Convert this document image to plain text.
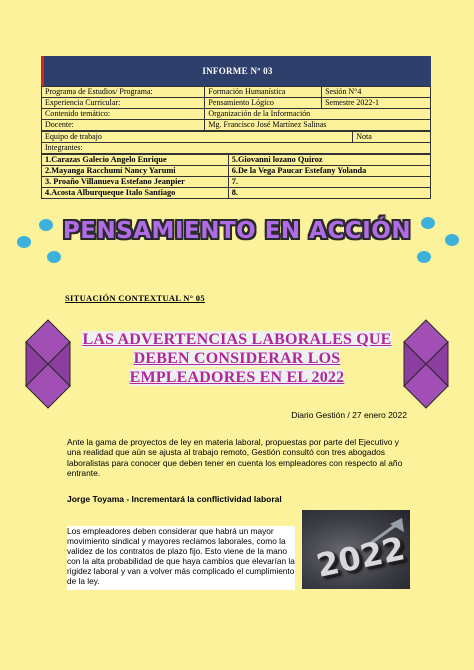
INFORME Nº 03
Programa de Estudios/ Programa:	Formación Humanística	Sesión N°4
Experiencia Curricular:	Pensamiento Lógico	Semestre 2022-1
Contenido temático:	Organización de la Información	
Docente:	Mg. Francisco José Martínez Salinas	
Equipo de trabajo	Nota
Integrantes:
1.Carazas Galecio Angelo Enrique	5.Giovanni lozano Quiroz
2.Mayanga Racchumí Nancy Yarumi	6.De la Vega Paucar Estefany Yolanda
3. Proaño Villanueva Estefano Jeanpier	7.
4.Acosta Alburqueque Italo Santiago	8.
PENSAMIENTO EN ACCIÓN
SITUACIÓN CONTEXTUAL N° 05
LAS ADVERTENCIAS LABORALES QUE
DEBEN CONSIDERAR LOS
EMPLEADORES EN EL 2022
Diario Gestión / 27 enero 2022
Ante la gama de proyectos de ley en materia laboral, propuestas por parte del Ejecutivo y una realidad que aún se ajusta al trabajo remoto, Gestión consultó con tres abogados laboralistas para conocer que deben tener en cuenta los empleadores con respecto al año entrante.
Jorge Toyama - Incrementará la conflictividad laboral
Los empleadores deben considerar que habrá un mayor movimiento sindical y mayores reclamos laborales, como la validez de los contratos de plazo fijo. Esto viene de la mano con la alta probabilidad de que haya cambios que elevarían la rigidez laboral y van a volver más complicado el cumplimiento de la ley.	2022
